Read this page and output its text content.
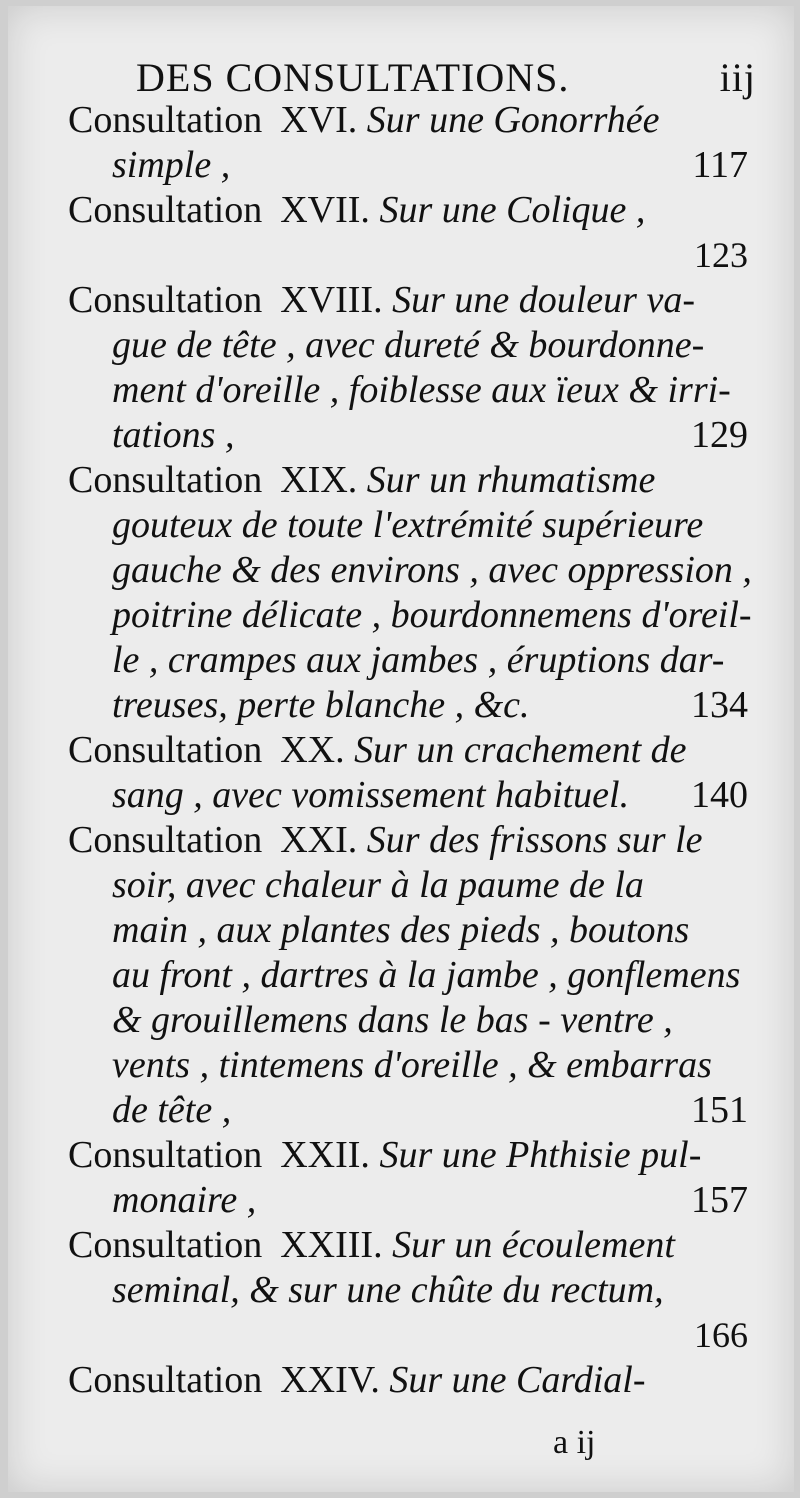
DES CONSULTATIONS.	iij
Consultation XVI. Sur une Gonorrhée
simple ,	117
Consultation XVII. Sur une Colique ,
123
Consultation XVIII. Sur une douleur va-
gue de tête , avec dureté & bourdonne-
ment d'oreille , foiblesse aux ïeux & irri-
tations ,	129
Consultation XIX. Sur un rhumatisme
gouteux de toute l'extrémité supérieure
gauche & des environs , avec oppression ,
poitrine délicate , bourdonnemens d'oreil-
le , crampes aux jambes , éruptions dar-
treuses, perte blanche , &c.	134
Consultation XX. Sur un crachement de
sang , avec vomissement habituel. 140
Consultation XXI. Sur des frissons sur le
soir, avec chaleur à la paume de la
main , aux plantes des pieds , boutons
au front , dartres à la jambe , gonflemens
& grouillemens dans le bas - ventre ,
vents , tintemens d'oreille , & embarras
de tête ,	151
Consultation XXII. Sur une Phthisie pul-
monaire ,	157
Consultation XXIII. Sur un écoulement
seminal, & sur une chûte du rectum,
166
Consultation XXIV. Sur une Cardial-
a ij
